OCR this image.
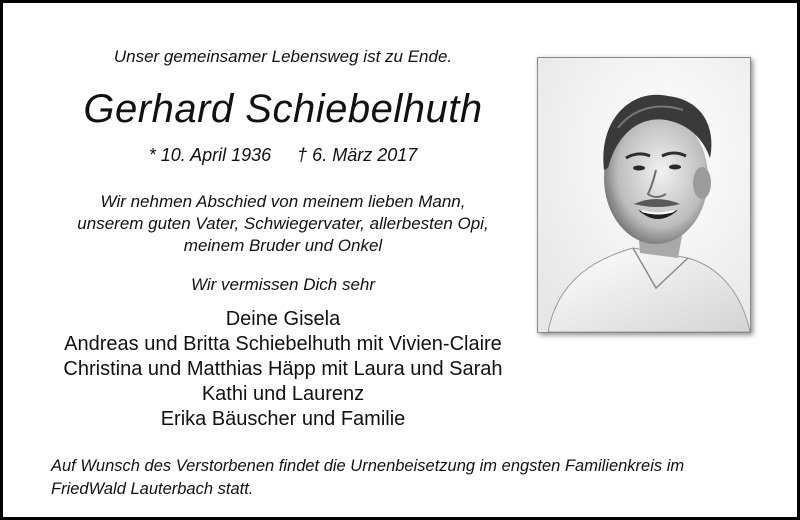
Unser gemeinsamer Lebensweg ist zu Ende.
Gerhard Schiebelhuth
* 10. April 1936 † 6. März 2017
Wir nehmen Abschied von meinem lieben Mann,
unserem guten Vater, Schwiegervater, allerbesten Opi,
meinem Bruder und Onkel
Wir vermissen Dich sehr
Deine Gisela
Andreas und Britta Schiebelhuth mit Vivien-Claire
Christina und Matthias Häpp mit Laura und Sarah
Kathi und Laurenz
Erika Bäuscher und Familie
Auf Wunsch des Verstorbenen findet die Urnenbeisetzung im engsten Familienkreis im
FriedWald Lauterbach statt.
